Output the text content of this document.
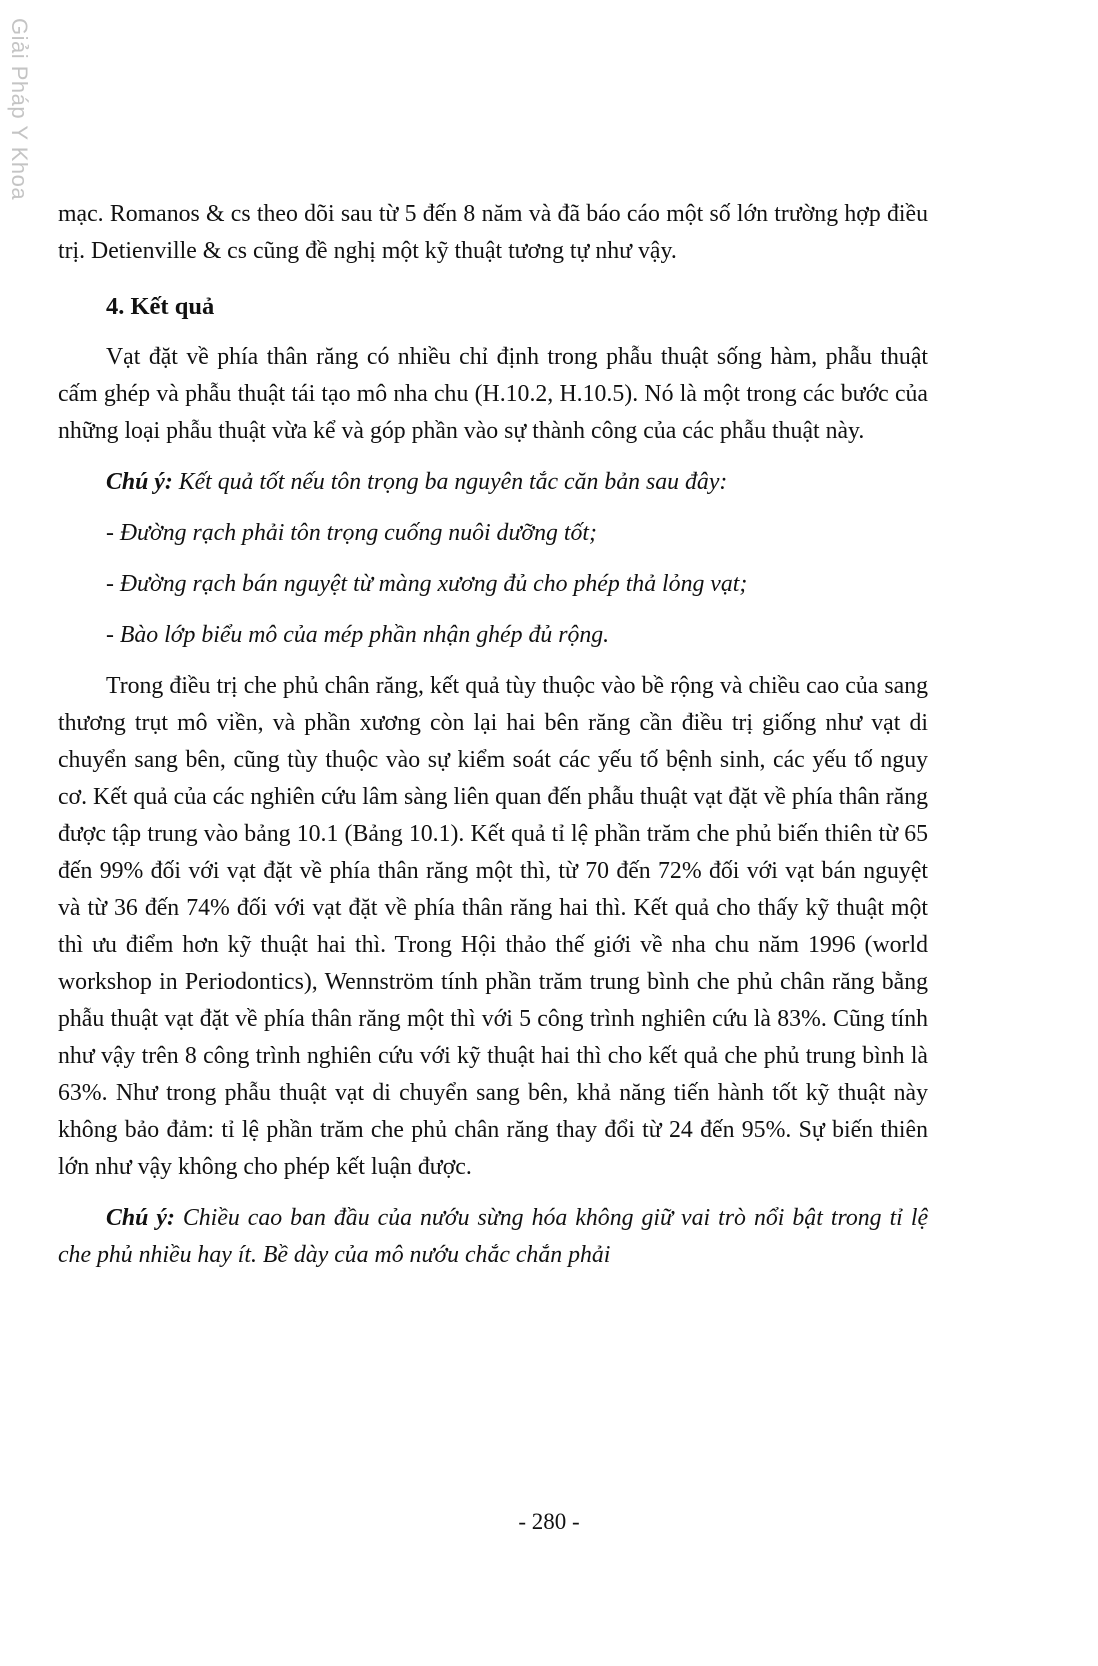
Giải Pháp Y Khoa

mạc. Romanos & cs theo dõi sau từ 5 đến 8 năm và đã báo cáo một số lớn trường hợp điều trị. Detienville & cs cũng đề nghị một kỹ thuật tương tự như vậy.

4. Kết quả

Vạt đặt về phía thân răng có nhiều chỉ định trong phẫu thuật sống hàm, phẫu thuật cấm ghép và phẫu thuật tái tạo mô nha chu (H.10.2, H.10.5). Nó là một trong các bước của những loại phẫu thuật vừa kể và góp phần vào sự thành công của các phẫu thuật này.

Chú ý: Kết quả tốt nếu tôn trọng ba nguyên tắc căn bản sau đây:

- Đường rạch phải tôn trọng cuống nuôi dưỡng tốt;

- Đường rạch bán nguyệt từ màng xương đủ cho phép thả lỏng vạt;

- Bào lớp biểu mô của mép phần nhận ghép đủ rộng.

Trong điều trị che phủ chân răng, kết quả tùy thuộc vào bề rộng và chiều cao của sang thương trụt mô viền, và phần xương còn lại hai bên răng cần điều trị giống như vạt di chuyển sang bên, cũng tùy thuộc vào sự kiểm soát các yếu tố bệnh sinh, các yếu tố nguy cơ. Kết quả của các nghiên cứu lâm sàng liên quan đến phẫu thuật vạt đặt về phía thân răng được tập trung vào bảng 10.1 (Bảng 10.1). Kết quả tỉ lệ phần trăm che phủ biến thiên từ 65 đến 99% đối với vạt đặt về phía thân răng một thì, từ 70 đến 72% đối với vạt bán nguyệt và từ 36 đến 74% đối với vạt đặt về phía thân răng hai thì. Kết quả cho thấy kỹ thuật một thì ưu điểm hơn kỹ thuật hai thì. Trong Hội thảo thế giới về nha chu năm 1996 (world workshop in Periodontics), Wennström tính phần trăm trung bình che phủ chân răng bằng phẫu thuật vạt đặt về phía thân răng một thì với 5 công trình nghiên cứu là 83%. Cũng tính như vậy trên 8 công trình nghiên cứu với kỹ thuật hai thì cho kết quả che phủ trung bình là 63%. Như trong phẫu thuật vạt di chuyển sang bên, khả năng tiến hành tốt kỹ thuật này không bảo đảm: tỉ lệ phần trăm che phủ chân răng thay đổi từ 24 đến 95%. Sự biến thiên lớn như vậy không cho phép kết luận được.

Chú ý: Chiều cao ban đầu của nướu sừng hóa không giữ vai trò nổi bật trong tỉ lệ che phủ nhiều hay ít. Bề dày của mô nướu chắc chắn phải

- 280 -
